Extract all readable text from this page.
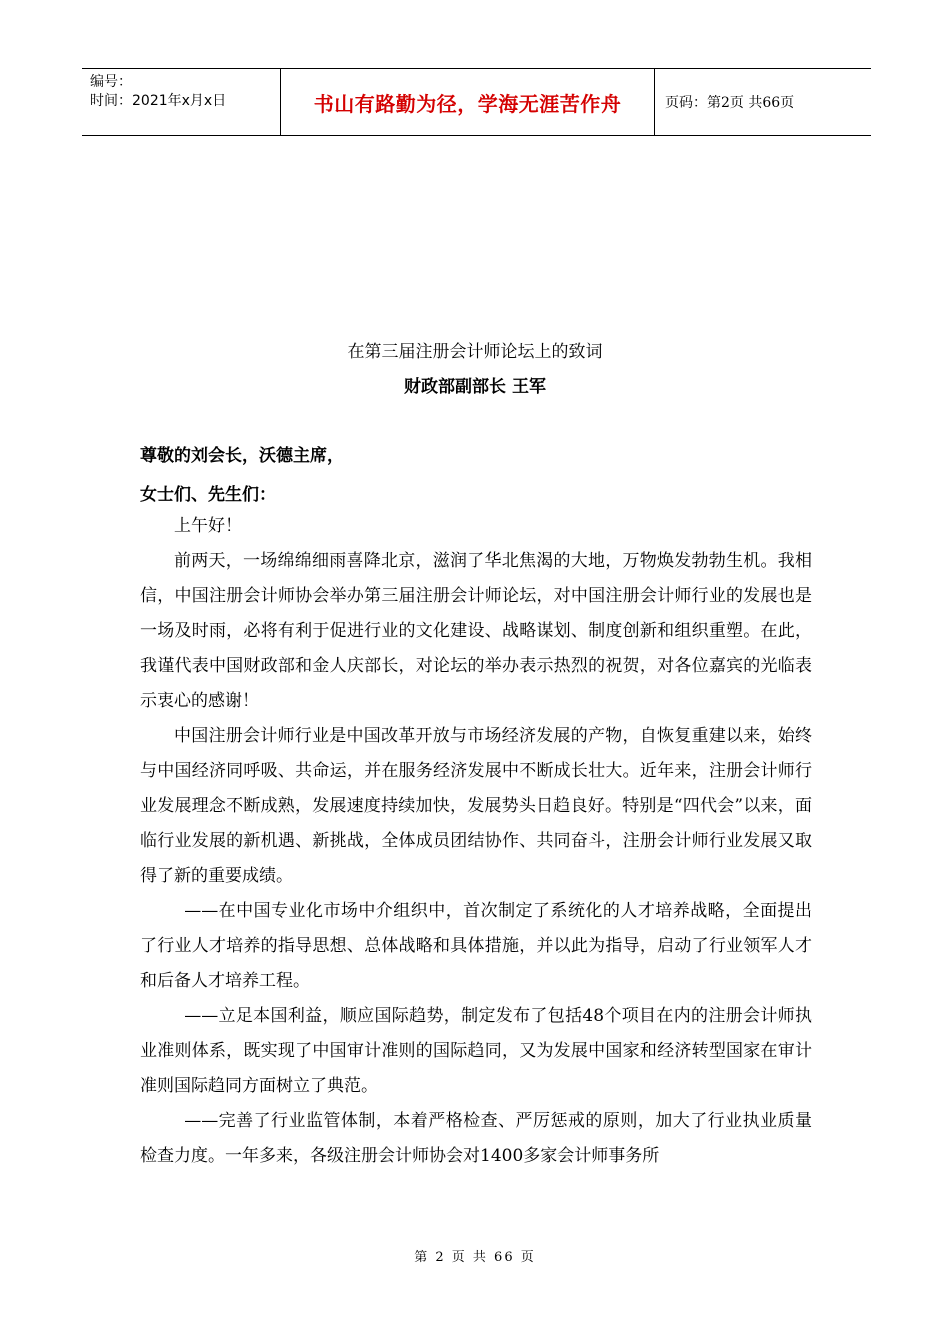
编号：
时间：2021年x月x日	书山有路勤为径，学海无涯苦作舟	页码：第2页 共66页
在第三届注册会计师论坛上的致词
财政部副部长 王军
尊敬的刘会长，沃德主席，
女士们、先生们：

上午好！

前两天，一场绵绵细雨喜降北京，滋润了华北焦渴的大地，万物焕发勃勃生机。我相信，中国注册会计师协会举办第三届注册会计师论坛，对中国注册会计师行业的发展也是一场及时雨，必将有利于促进行业的文化建设、战略谋划、制度创新和组织重塑。在此，我谨代表中国财政部和金人庆部长，对论坛的举办表示热烈的祝贺，对各位嘉宾的光临表示衷心的感谢！

中国注册会计师行业是中国改革开放与市场经济发展的产物，自恢复重建以来，始终与中国经济同呼吸、共命运，并在服务经济发展中不断成长壮大。近年来，注册会计师行业发展理念不断成熟，发展速度持续加快，发展势头日趋良好。特别是“四代会”以来，面临行业发展的新机遇、新挑战，全体成员团结协作、共同奋斗，注册会计师行业发展又取得了新的重要成绩。

——在中国专业化市场中介组织中，首次制定了系统化的人才培养战略，全面提出了行业人才培养的指导思想、总体战略和具体措施，并以此为指导，启动了行业领军人才和后备人才培养工程。

——立足本国利益，顺应国际趋势，制定发布了包括48个项目在内的注册会计师执业准则体系，既实现了中国审计准则的国际趋同，又为发展中国家和经济转型国家在审计准则国际趋同方面树立了典范。

——完善了行业监管体制，本着严格检查、严厉惩戒的原则，加大了行业执业质量检查力度。一年多来，各级注册会计师协会对1400多家会计师事务所

第 2 页 共 66 页
